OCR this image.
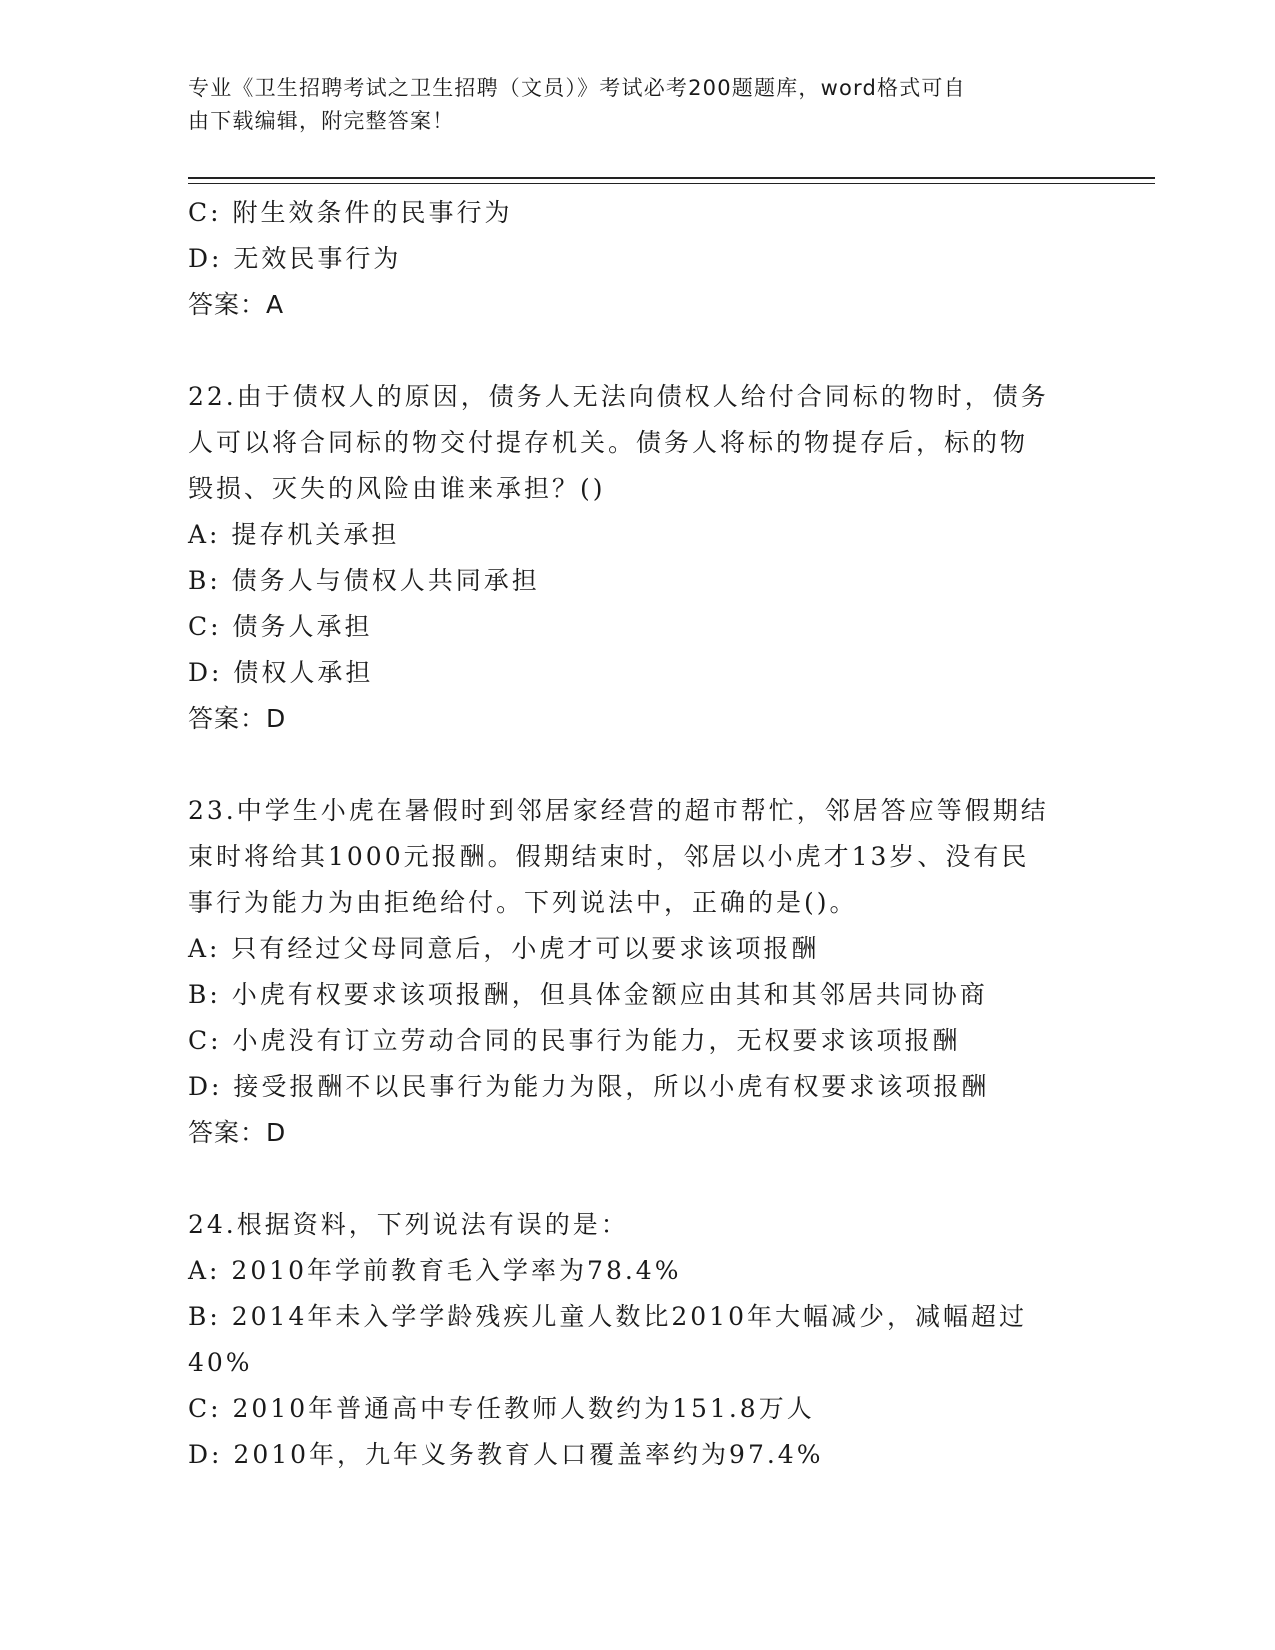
专业《卫生招聘考试之卫生招聘（文员）》考试必考200题题库，word格式可自
由下载编辑，附完整答案！
C: 附生效条件的民事行为
D: 无效民事行为
答案：A
22.由于债权人的原因，债务人无法向债权人给付合同标的物时，债务
人可以将合同标的物交付提存机关。债务人将标的物提存后，标的物
毁损、灭失的风险由谁来承担？()
A: 提存机关承担
B: 债务人与债权人共同承担
C: 债务人承担
D: 债权人承担
答案：D
23.中学生小虎在暑假时到邻居家经营的超市帮忙，邻居答应等假期结
束时将给其1000元报酬。假期结束时，邻居以小虎才13岁、没有民
事行为能力为由拒绝给付。下列说法中，正确的是()。
A: 只有经过父母同意后，小虎才可以要求该项报酬
B: 小虎有权要求该项报酬，但具体金额应由其和其邻居共同协商
C: 小虎没有订立劳动合同的民事行为能力，无权要求该项报酬
D: 接受报酬不以民事行为能力为限，所以小虎有权要求该项报酬
答案：D
24.根据资料，下列说法有误的是：
A: 2010年学前教育毛入学率为78.4%
B: 2014年未入学学龄残疾儿童人数比2010年大幅减少，减幅超过
40%
C: 2010年普通高中专任教师人数约为151.8万人
D: 2010年，九年义务教育人口覆盖率约为97.4%
